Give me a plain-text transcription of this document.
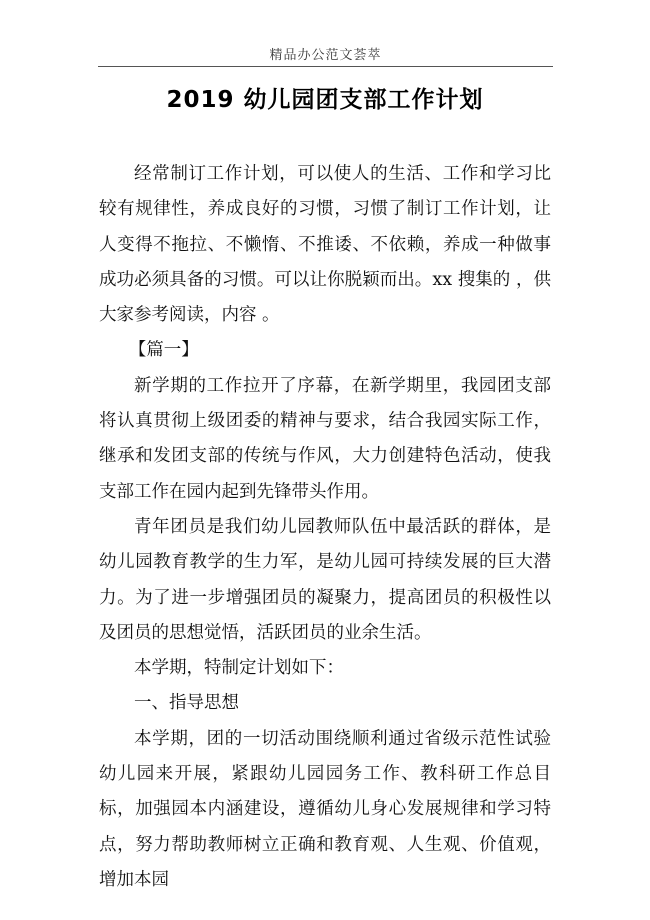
精品办公范文荟萃
2019 幼儿园团支部工作计划

经常制订工作计划，可以使人的生活、工作和学习比较有规律性，养成良好的习惯，习惯了制订工作计划，让人变得不拖拉、不懒惰、不推诿、不依赖，养成一种做事成功必须具备的习惯。可以让你脱颖而出。xx 搜集的 ，供大家参考阅读，内容 。

【篇一】

新学期的工作拉开了序幕，在新学期里，我园团支部将认真贯彻上级团委的精神与要求，结合我园实际工作，继承和发团支部的传统与作风，大力创建特色活动，使我支部工作在园内起到先锋带头作用。

青年团员是我们幼儿园教师队伍中最活跃的群体，是幼儿园教育教学的生力军，是幼儿园可持续发展的巨大潜力。为了进一步增强团员的凝聚力，提高团员的积极性以及团员的思想觉悟，活跃团员的业余生活。

本学期，特制定计划如下：

一、指导思想

本学期，团的一切活动围绕顺利通过省级示范性试验幼儿园来开展，紧跟幼儿园园务工作、教科研工作总目标，加强园本内涵建设，遵循幼儿身心发展规律和学习特点，努力帮助教师树立正确和教育观、人生观、价值观，增加本园
